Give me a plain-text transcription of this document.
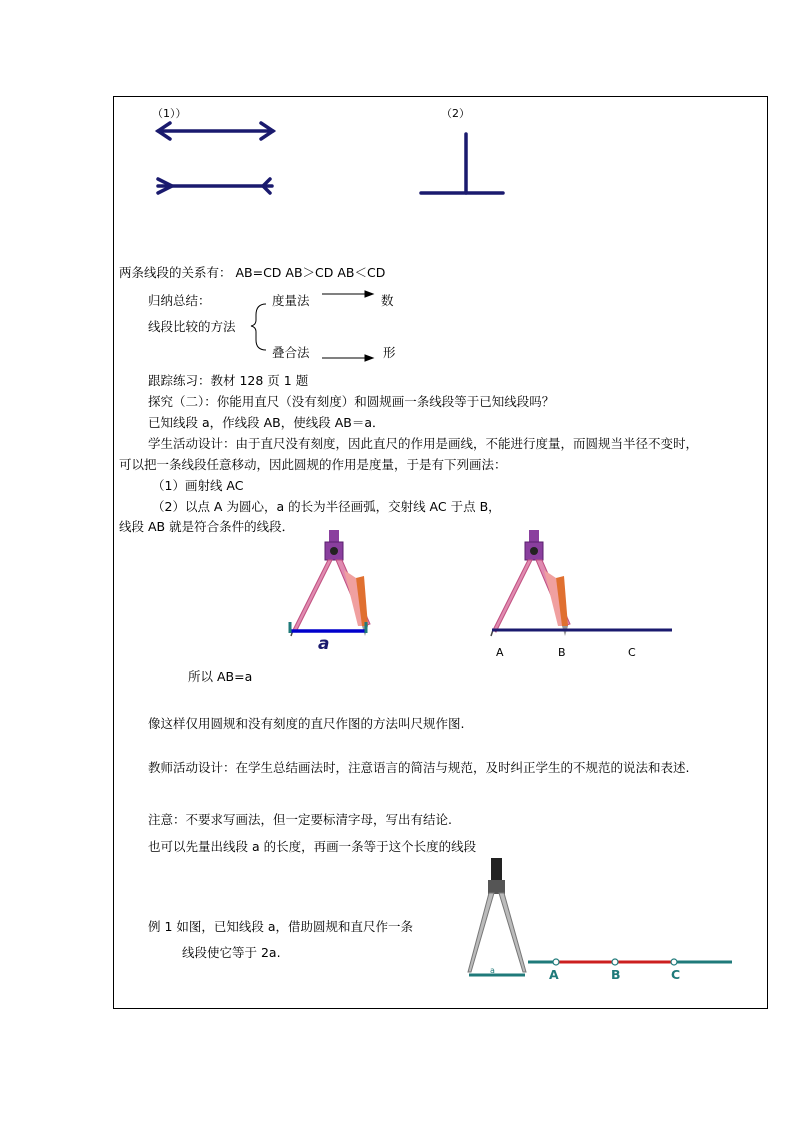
（1））	（2）
两条线段的关系有： AB=CD AB＞CD AB＜CD
归纳总结：	度量法	数
线段比较的方法
叠合法	形
跟踪练习：教材 128 页 1 题
探究（二）：你能用直尺（没有刻度）和圆规画一条线段等于已知线段吗？
已知线段 a，作线段 AB，使线段 AB＝a．
学生活动设计：由于直尺没有刻度，因此直尺的作用是画线，不能进行度量，而圆规当半径不变时，
可以把一条线段任意移动，因此圆规的作用是度量，于是有下列画法：
（1）画射线 AC
（2）以点 A 为圆心，a 的长为半径画弧，交射线 AC 于点 B，
线段 AB 就是符合条件的线段．
a	A	B	C
所以 AB=a
像这样仅用圆规和没有刻度的直尺作图的方法叫尺规作图.
教师活动设计：在学生总结画法时，注意语言的简洁与规范，及时纠正学生的不规范的说法和表述.
注意：不要求写画法，但一定要标清字母，写出有结论.
也可以先量出线段 a 的长度，再画一条等于这个长度的线段
例 1 如图，已知线段 a，借助圆规和直尺作一条
线段使它等于 2a.
a	A	B	C
